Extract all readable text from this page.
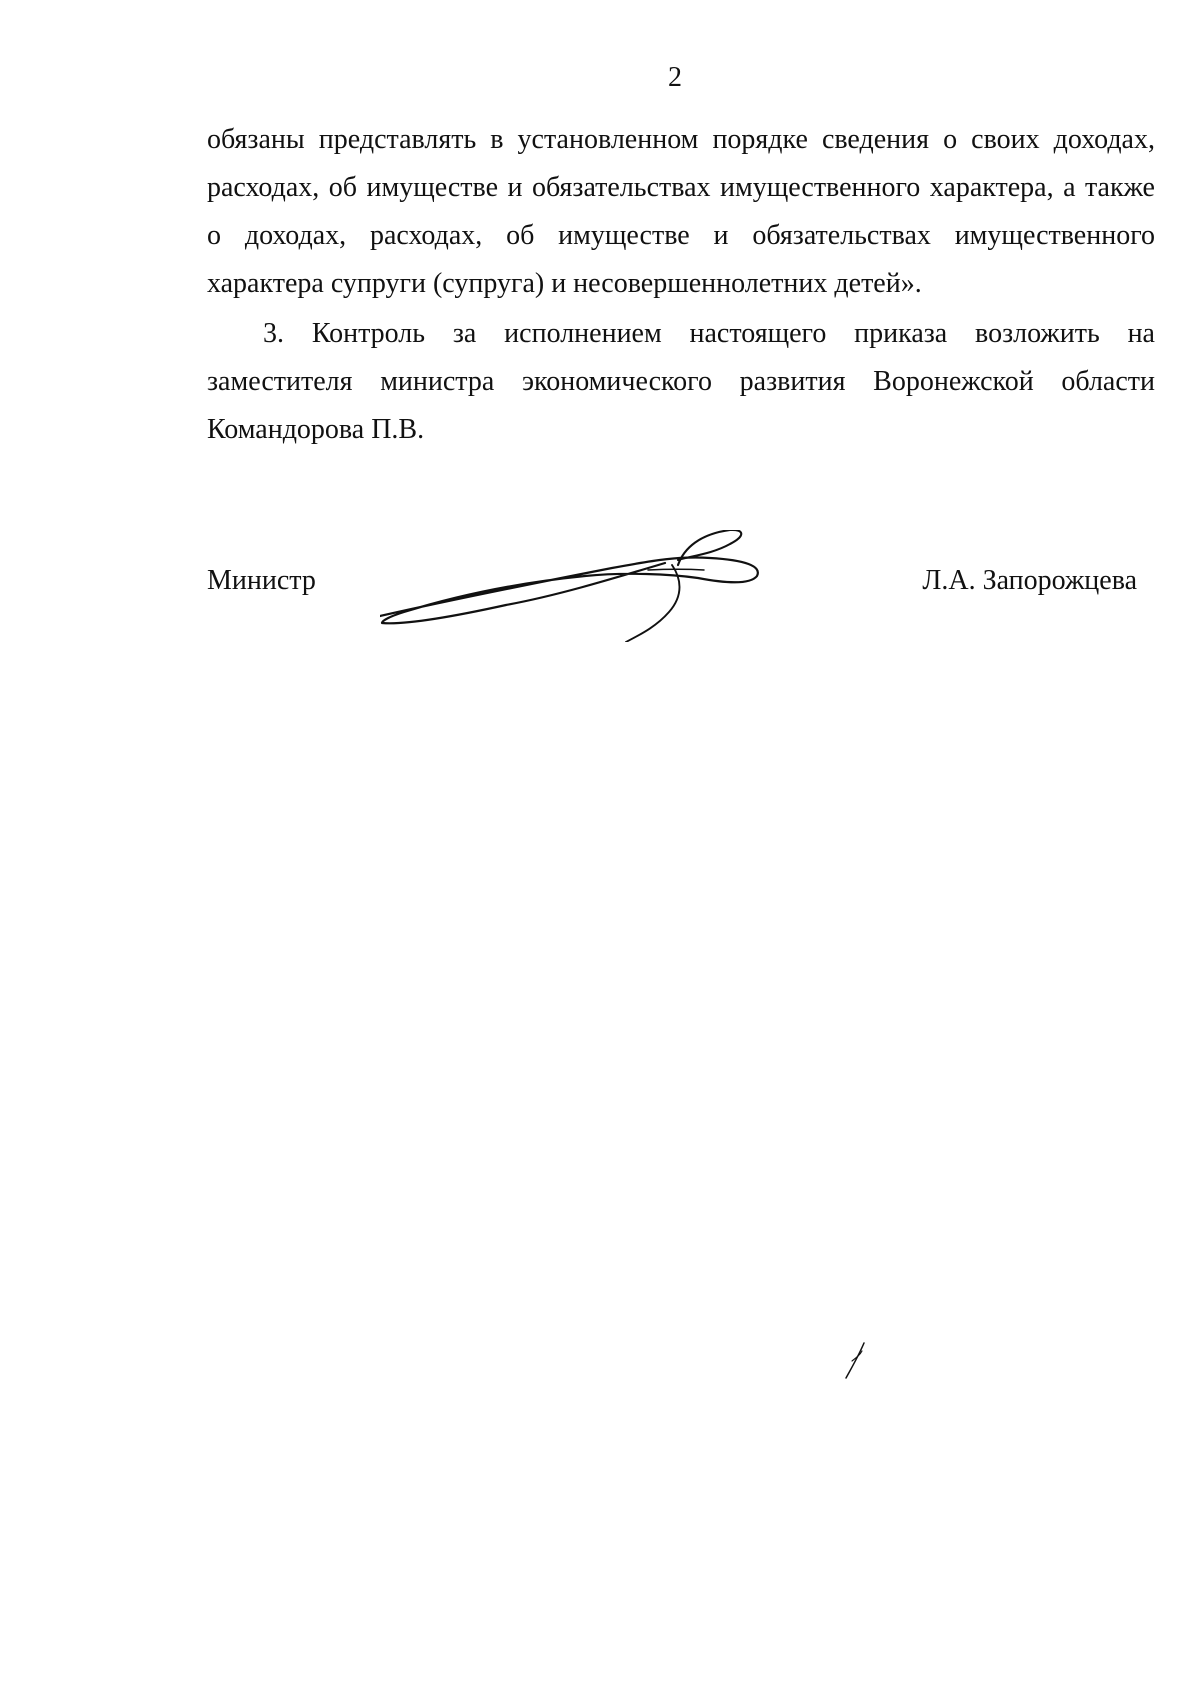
2
обязаны представлять в установленном порядке сведения о своих доходах,
расходах, об имуществе и обязательствах имущественного характера, а также
о доходах, расходах, об имуществе и обязательствах имущественного
характера супруги (супруга) и несовершеннолетних детей».
3. Контроль за исполнением настоящего приказа возложить на
заместителя министра экономического развития Воронежской области
Командорова П.В.
Министр	Л.А. Запорожцева
